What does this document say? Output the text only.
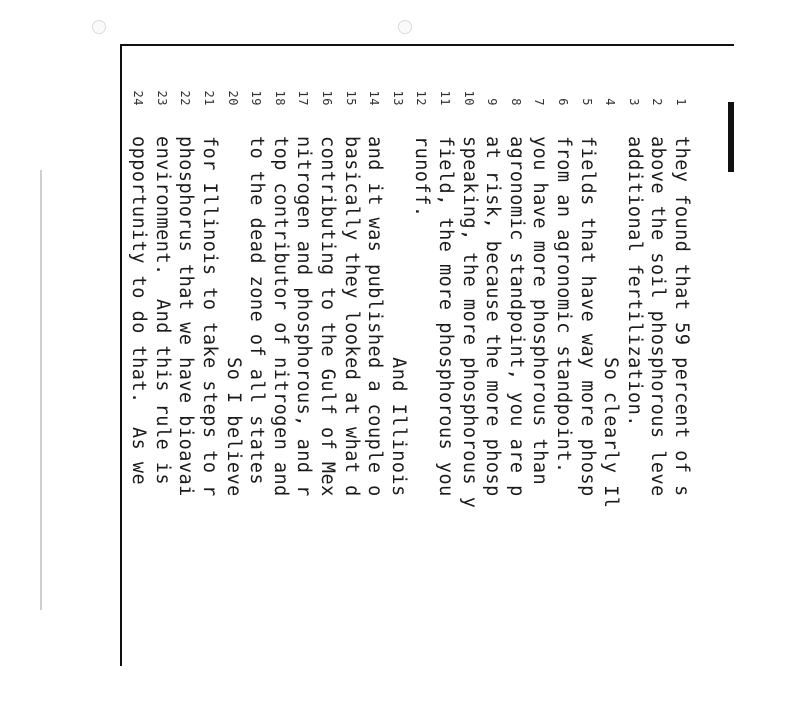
1
they found that 59 percent of s
2
above the soil phosphorous leve
3
additional fertilization.
4
So clearly Il
5
fields that have way more phosp
6
from an agronomic standpoint.
7
you have more phosphorous than
8
agronomic standpoint, you are p
9
at risk, because the more phosp
10
speaking, the more phosphorous y
11
field, the more phosphorous you
12
runoff.
13
And Illinois
14
and it was published a couple o
15
basically they looked at what d
16
contributing to the Gulf of Mex
17
nitrogen and phosphorous, and r
18
top contributor of nitrogen and
19
to the dead zone of all states
20
So I believe
21
for Illinois to take steps to r
22
phosphorus that we have bioavai
23
environment.  And this rule is
24
opportunity to do that.  As we
